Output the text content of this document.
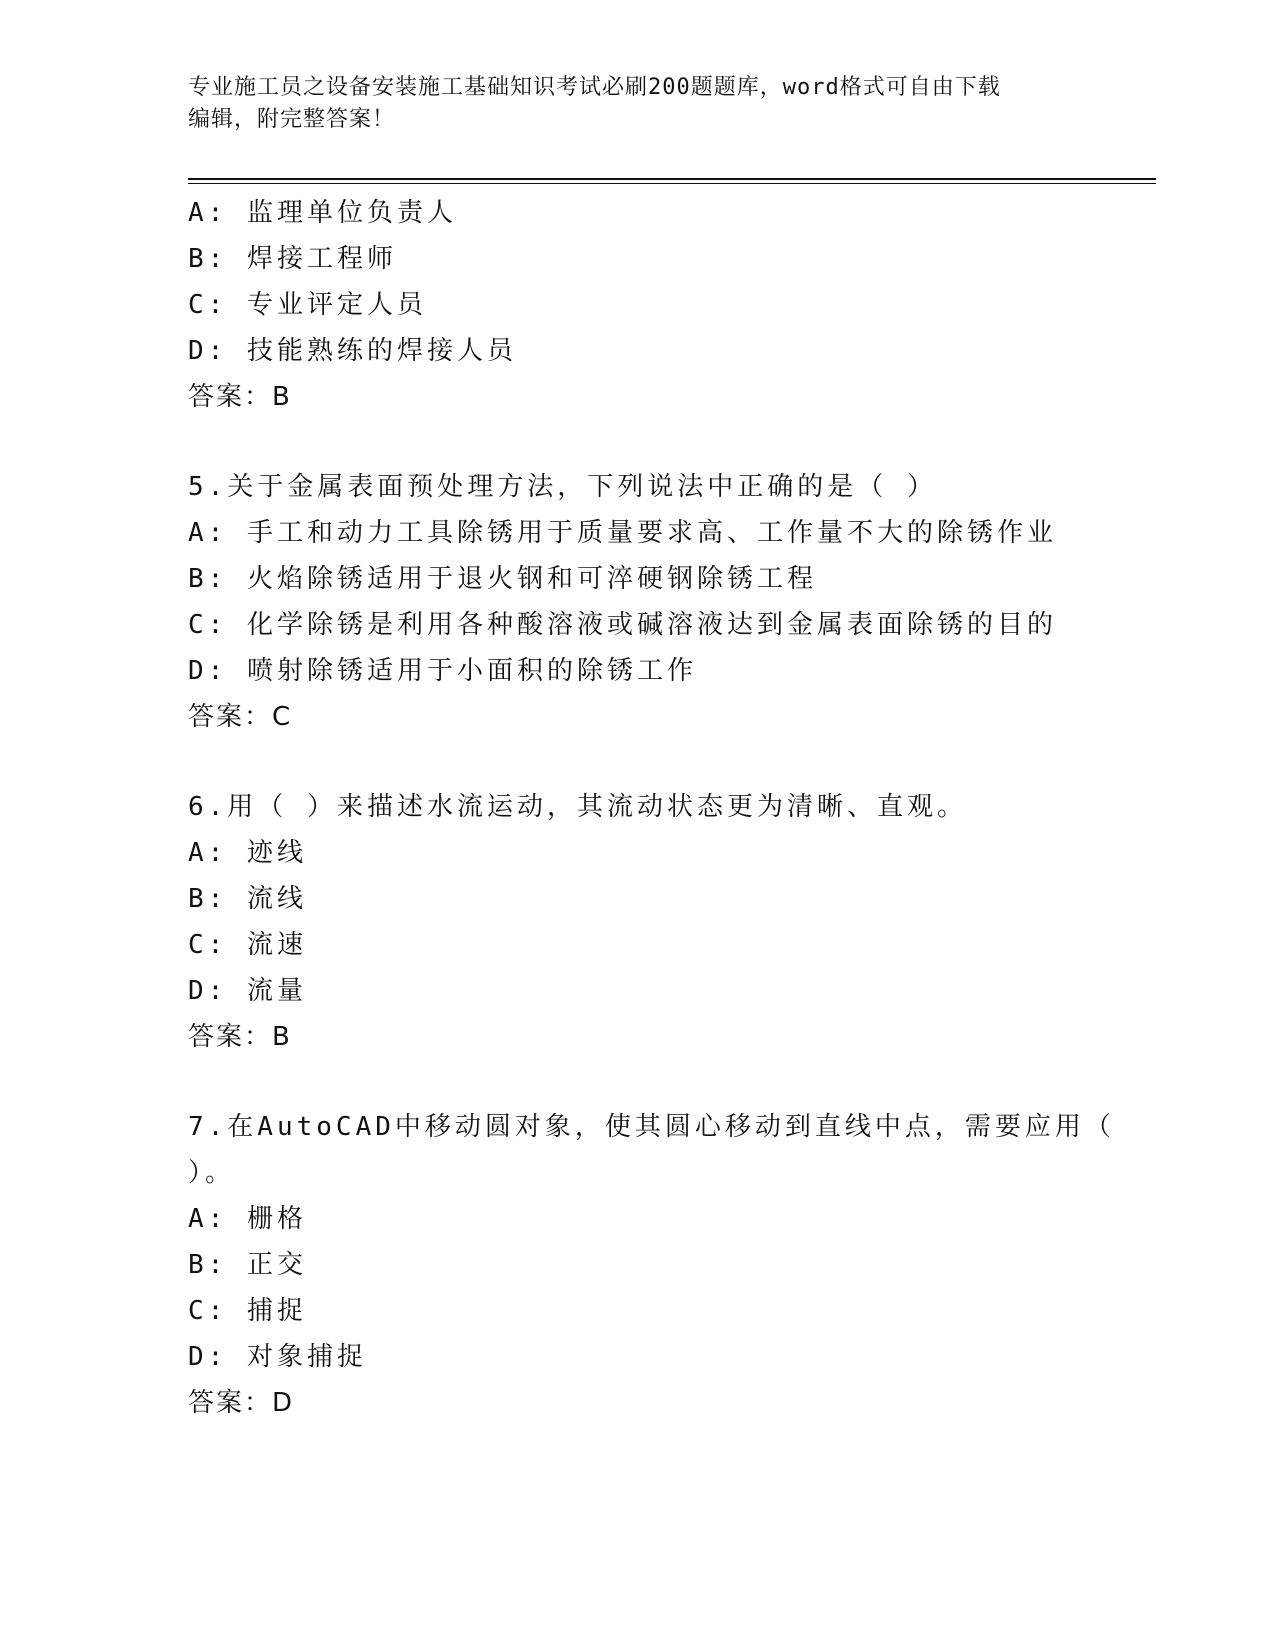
专业施工员之设备安装施工基础知识考试必刷200题题库，word格式可自由下载
编辑，附完整答案！
A: 监理单位负责人
B: 焊接工程师
C: 专业评定人员
D: 技能熟练的焊接人员
答案：B
5.关于金属表面预处理方法，下列说法中正确的是（ ）
A: 手工和动力工具除锈用于质量要求高、工作量不大的除锈作业
B: 火焰除锈适用于退火钢和可淬硬钢除锈工程
C: 化学除锈是利用各种酸溶液或碱溶液达到金属表面除锈的目的
D: 喷射除锈适用于小面积的除锈工作
答案：C
6.用（ ）来描述水流运动，其流动状态更为清晰、直观。
A: 迹线
B: 流线
C: 流速
D: 流量
答案：B
7.在AutoCAD中移动圆对象，使其圆心移动到直线中点，需要应用（
）。
A: 栅格
B: 正交
C: 捕捉
D: 对象捕捉
答案：D
